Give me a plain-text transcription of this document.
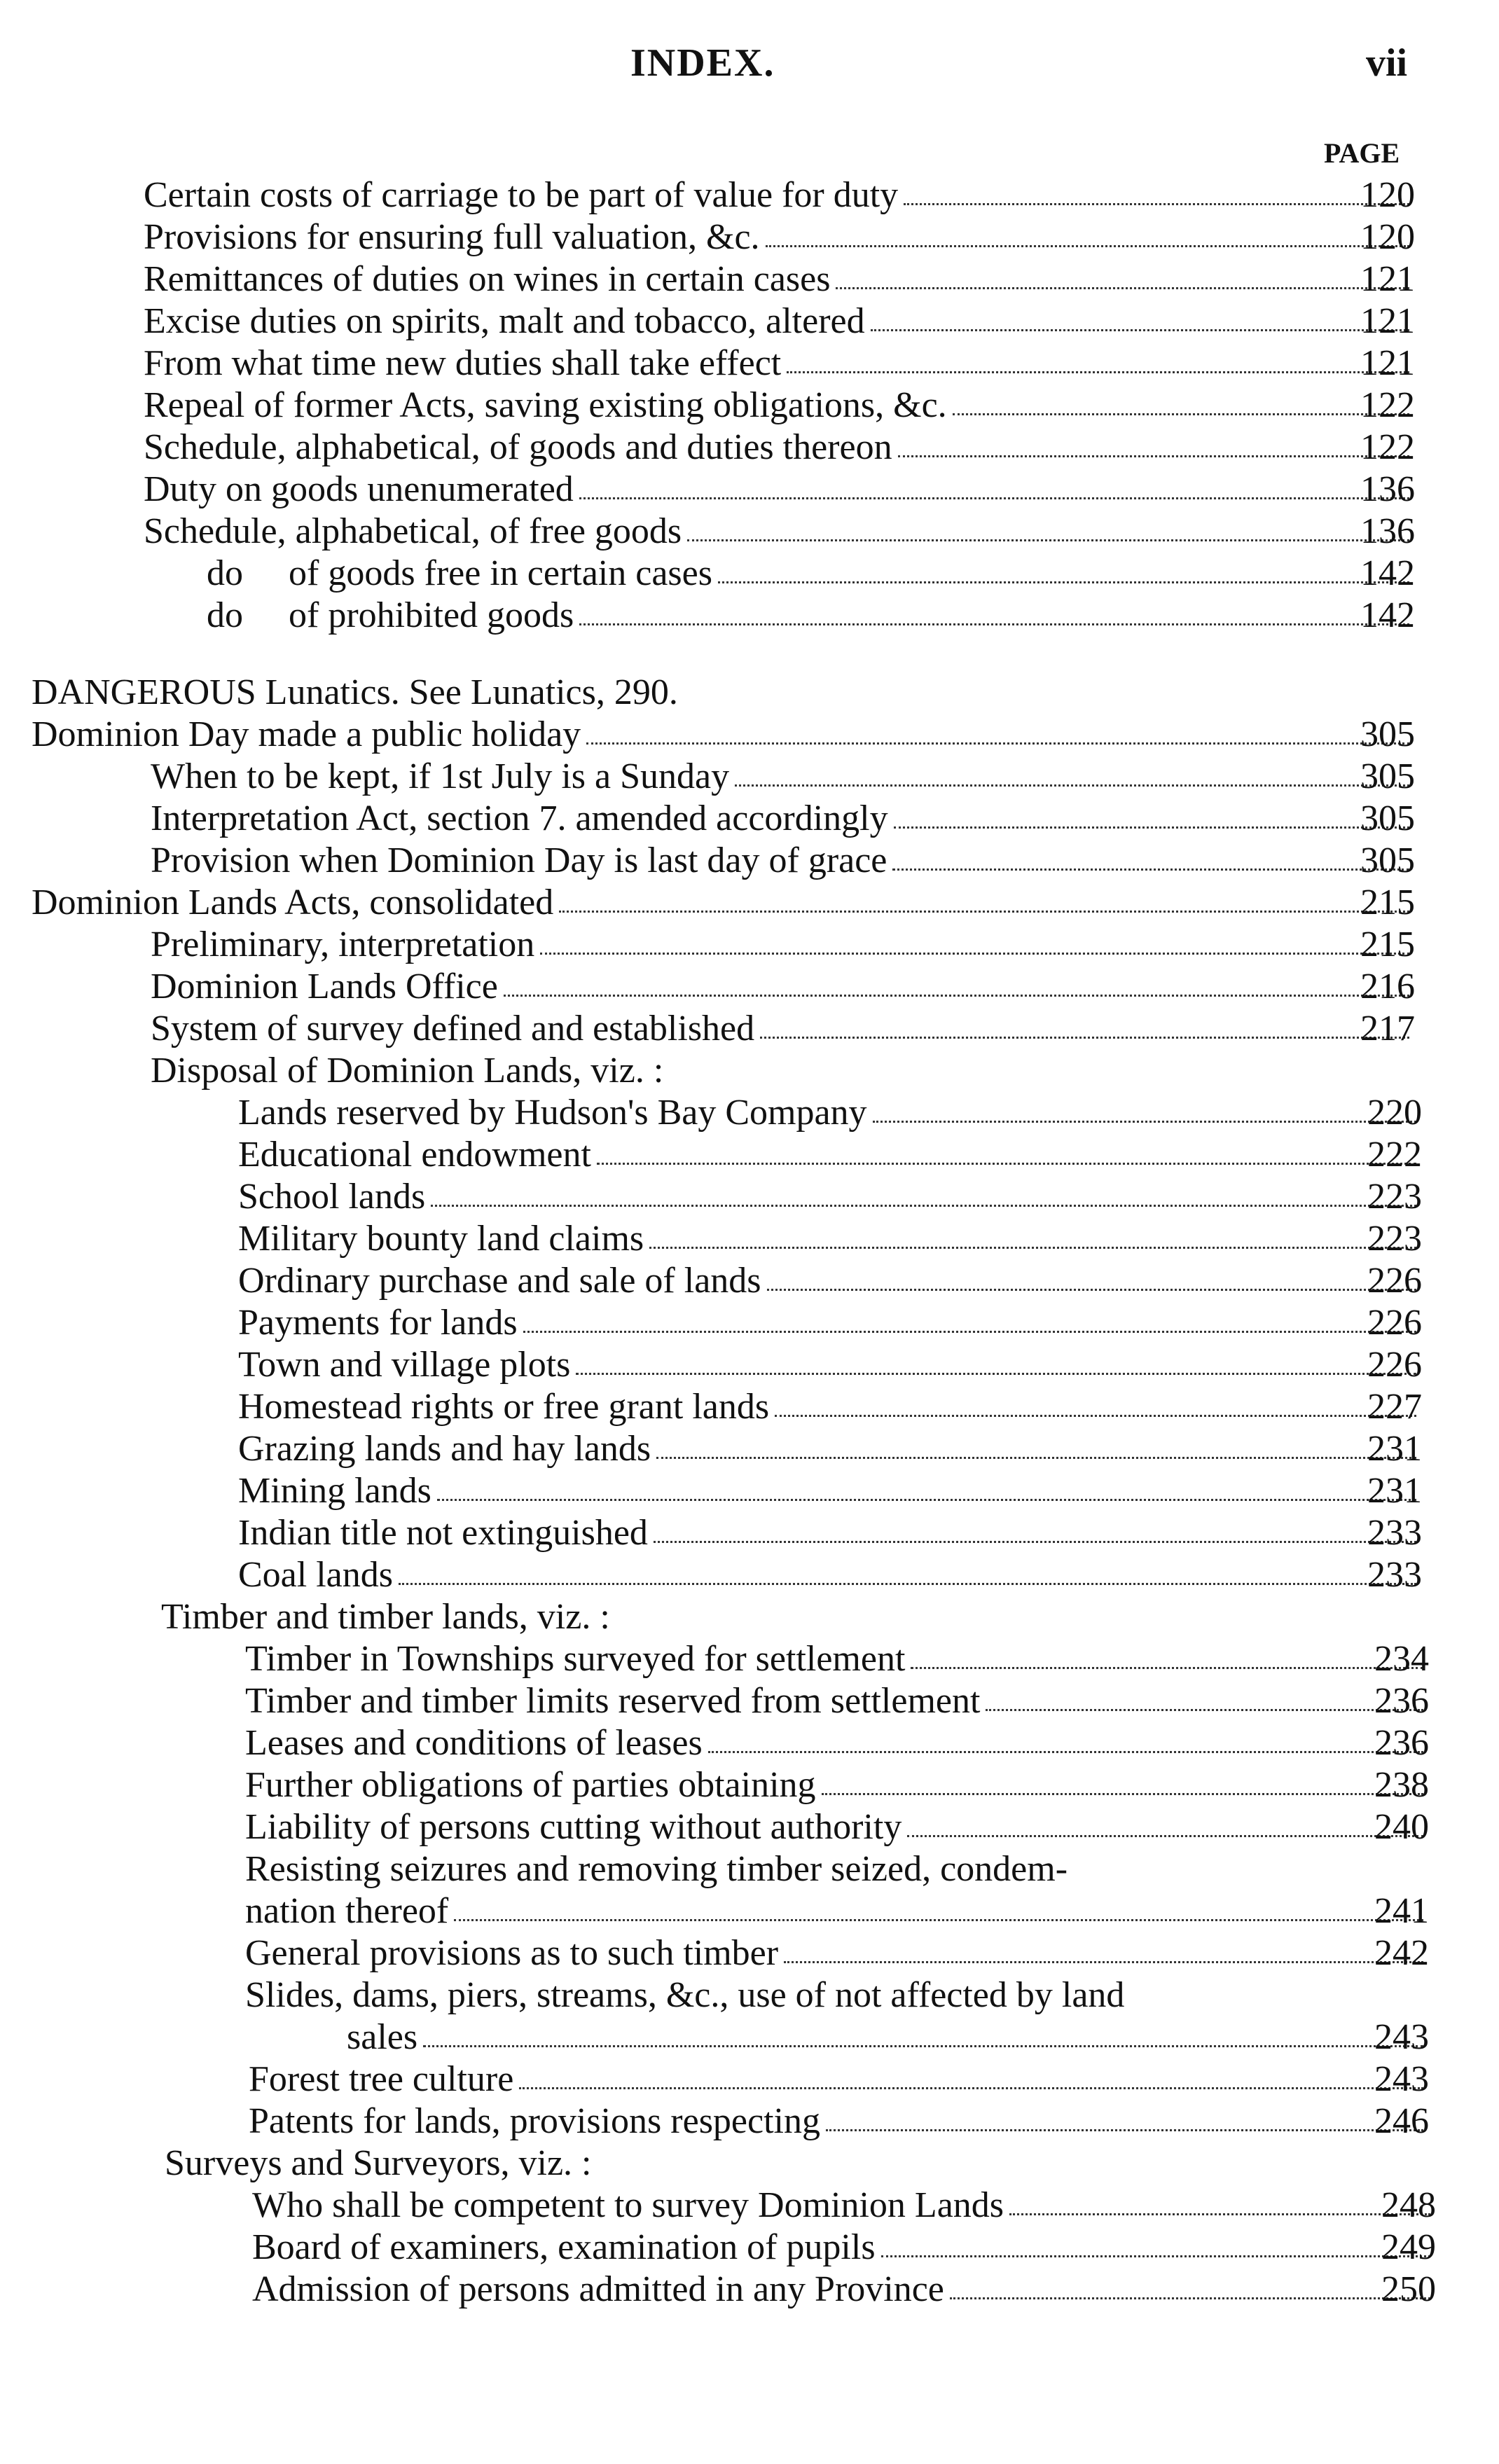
INDEX.	vii
PAGE
Certain costs of carriage to be part of value for duty	120
Provisions for ensuring full valuation, &c.	120
Remittances of duties on wines in certain cases	121
Excise duties on spirits, malt and tobacco, altered	121
From what time new duties shall take effect	121
Repeal of former Acts, saving existing obligations, &c.	122
Schedule, alphabetical, of goods and duties thereon	122
Duty on goods unenumerated	136
Schedule, alphabetical, of free goods	136
do     of goods free in certain cases	142
do     of prohibited goods	142
DANGEROUS Lunatics. See Lunatics, 290.
Dominion Day made a public holiday	305
When to be kept, if 1st July is a Sunday	305
Interpretation Act, section 7. amended accordingly	305
Provision when Dominion Day is last day of grace	305
Dominion Lands Acts, consolidated	215
Preliminary, interpretation	215
Dominion Lands Office	216
System of survey defined and established	217
Disposal of Dominion Lands, viz. :
Lands reserved by Hudson's Bay Company	220
Educational endowment	222
School lands	223
Military bounty land claims	223
Ordinary purchase and sale of lands	226
Payments for lands	226
Town and village plots	226
Homestead rights or free grant lands	227
Grazing lands and hay lands	231
Mining lands	231
Indian title not extinguished	233
Coal lands	233
Timber and timber lands, viz. :
Timber in Townships surveyed for settlement	234
Timber and timber limits reserved from settlement	236
Leases and conditions of leases	236
Further obligations of parties obtaining	238
Liability of persons cutting without authority	240
Resisting seizures and removing timber seized, condem-
nation thereof	241
General provisions as to such timber	242
Slides, dams, piers, streams, &c., use of not affected by land
sales	243
Forest tree culture	243
Patents for lands, provisions respecting	246
Surveys and Surveyors, viz. :
Who shall be competent to survey Dominion Lands	248
Board of examiners, examination of pupils	249
Admission of persons admitted in any Province	250
